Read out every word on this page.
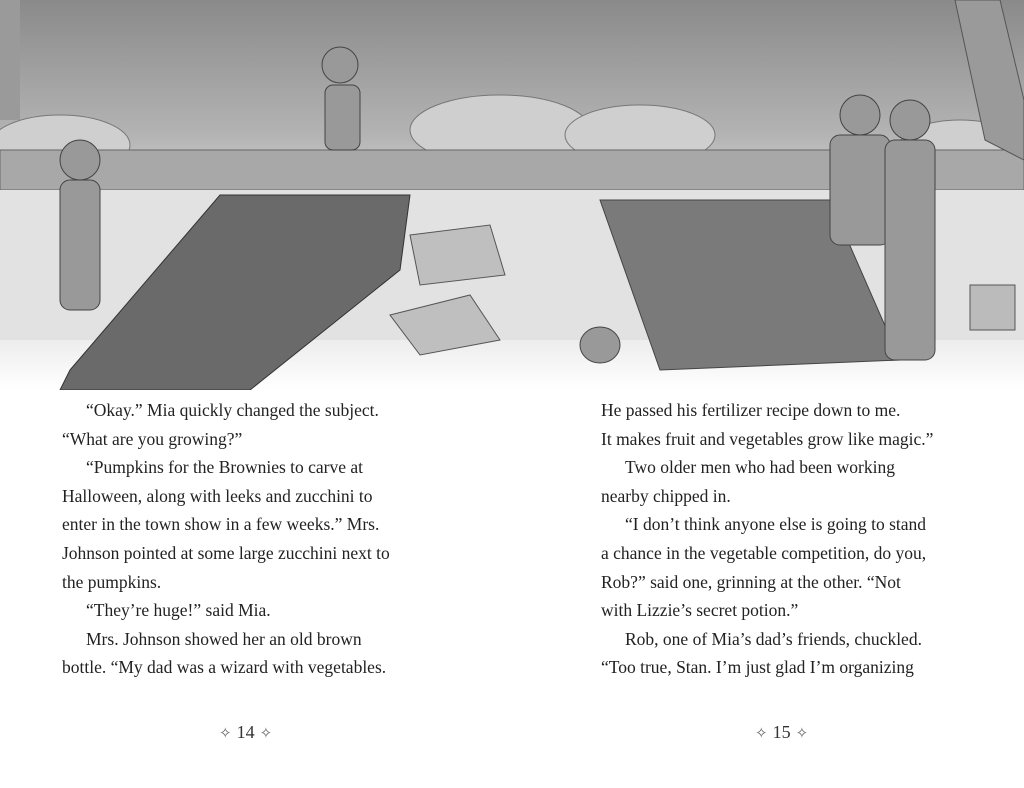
“Okay.” Mia quickly changed the subject.
“What are you growing?”
“Pumpkins for the Brownies to carve at
Halloween, along with leeks and zucchini to
enter in the town show in a few weeks.” Mrs.
Johnson pointed at some large zucchini next to
the pumpkins.
“They’re huge!” said Mia.
Mrs. Johnson showed her an old brown
bottle. “My dad was a wizard with vegetables.
He passed his fertilizer recipe down to me.
It makes fruit and vegetables grow like magic.”
Two older men who had been working
nearby chipped in.
“I don’t think anyone else is going to stand
a chance in the vegetable competition, do you,
Rob?” said one, grinning at the other. “Not
with Lizzie’s secret potion.”
Rob, one of Mia’s dad’s friends, chuckled.
“Too true, Stan. I’m just glad I’m organizing
✧ 14 ✧	✧ 15 ✧
